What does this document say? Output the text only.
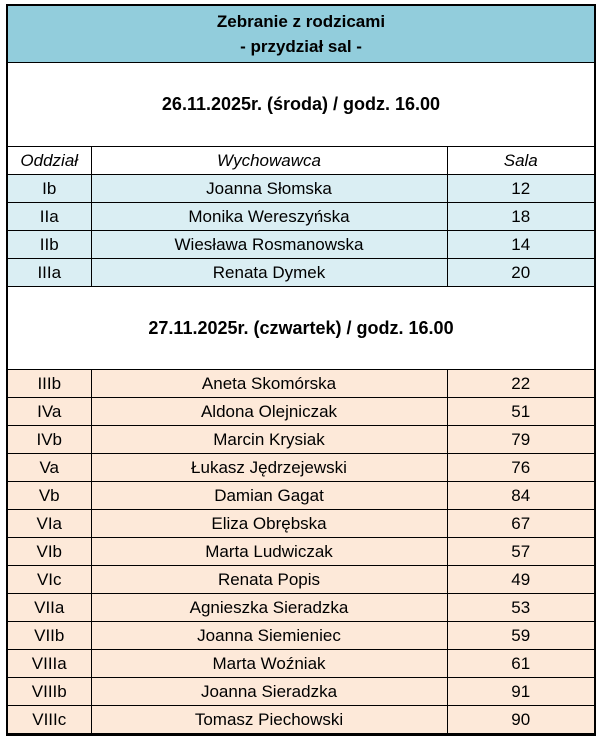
Zebranie z rodzicami
- przydział sal -		

26.11.2025r. (środa) / godz. 16.00		
Oddział	Wychowawca	Sala
Ib	Joanna Słomska	12
IIa	Monika Wereszyńska	18
IIb	Wiesława Rosmanowska	14
IIIa	Renata Dymek	20
27.11.2025r. (czwartek) / godz. 16.00		
IIIb	Aneta Skomórska	22
IVa	Aldona Olejniczak	51
IVb	Marcin Krysiak	79
Va	Łukasz Jędrzejewski	76
Vb	Damian Gagat	84
VIa	Eliza Obrębska	67
VIb	Marta Ludwiczak	57
VIc	Renata Popis	49
VIIa	Agnieszka Sieradzka	53
VIIb	Joanna Siemieniec	59
VIIIa	Marta Woźniak	61
VIIIb	Joanna Sieradzka	91
VIIIc	Tomasz Piechowski	90
